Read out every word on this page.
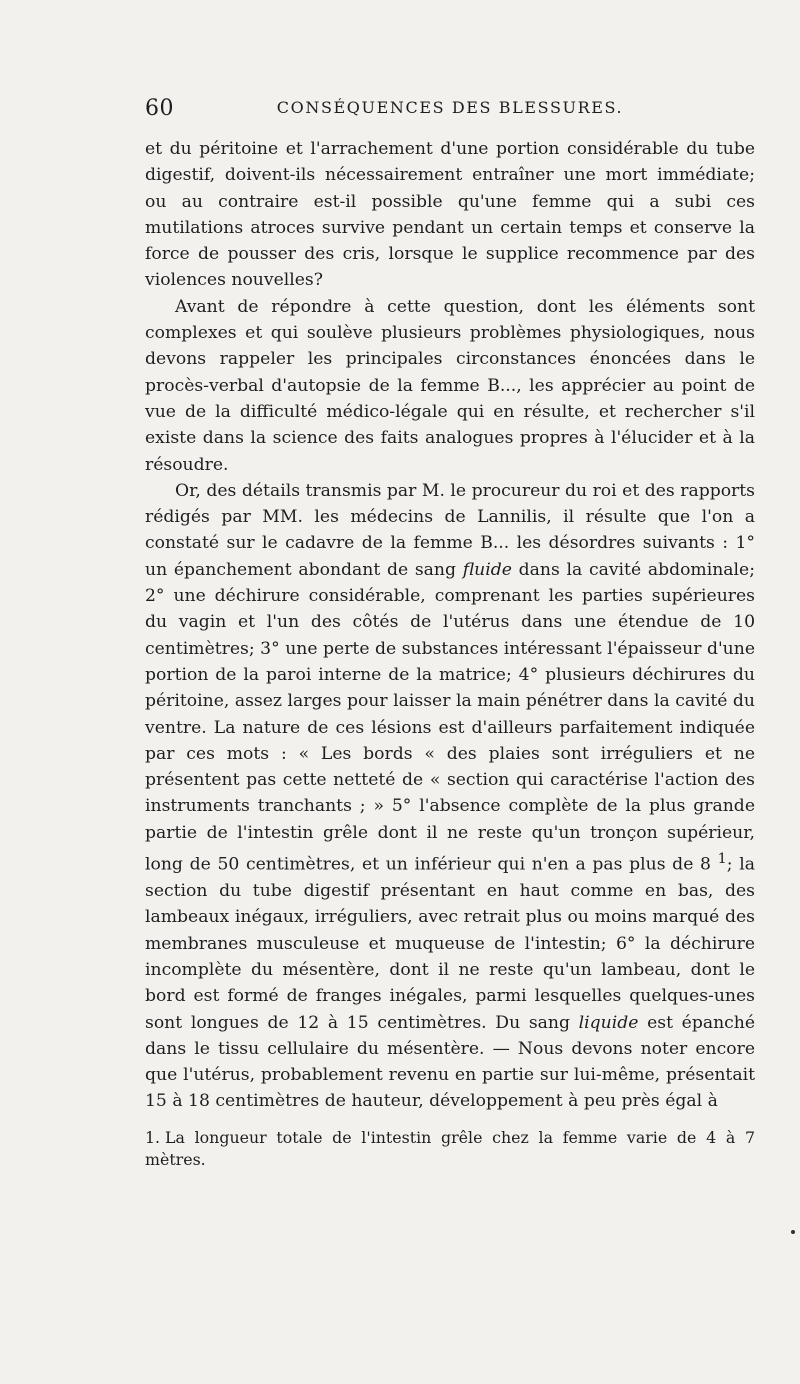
60	CONSÉQUENCES DES BLESSURES.

et du péritoine et l'arrachement d'une portion considérable du tube digestif, doivent-ils nécessairement entraîner une mort immédiate; ou au contraire est-il possible qu'une femme qui a subi ces mutilations atroces survive pendant un certain temps et conserve la force de pousser des cris, lorsque le supplice recommence par des violences nouvelles?

Avant de répondre à cette question, dont les éléments sont complexes et qui soulève plusieurs problèmes physiologiques, nous devons rappeler les principales circonstances énoncées dans le procès-verbal d'autopsie de la femme B..., les apprécier au point de vue de la difficulté médico-légale qui en résulte, et rechercher s'il existe dans la science des faits analogues propres à l'élucider et à la résoudre.

Or, des détails transmis par M. le procureur du roi et des rapports rédigés par MM. les médecins de Lannilis, il résulte que l'on a constaté sur le cadavre de la femme B... les désordres suivants : 1° un épanchement abondant de sang fluide dans la cavité abdominale; 2° une déchirure considérable, comprenant les parties supérieures du vagin et l'un des côtés de l'utérus dans une étendue de 10 centimètres; 3° une perte de substances intéressant l'épaisseur d'une portion de la paroi interne de la matrice; 4° plusieurs déchirures du péritoine, assez larges pour laisser la main pénétrer dans la cavité du ventre. La nature de ces lésions est d'ailleurs parfaitement indiquée par ces mots : « Les bords « des plaies sont irréguliers et ne présentent pas cette netteté de « section qui caractérise l'action des instruments tranchants ; » 5° l'absence complète de la plus grande partie de l'intestin grêle dont il ne reste qu'un tronçon supérieur, long de 50 centimètres, et un inférieur qui n'en a pas plus de 8 $^1$; la section du tube digestif présentant en haut comme en bas, des lambeaux inégaux, irréguliers, avec retrait plus ou moins marqué des membranes musculeuse et muqueuse de l'intestin; 6° la déchirure incomplète du mésentère, dont il ne reste qu'un lambeau, dont le bord est formé de franges inégales, parmi lesquelles quelques-unes sont longues de 12 à 15 centimètres. Du sang liquide est épanché dans le tissu cellulaire du mésentère. — Nous devons noter encore que l'utérus, probablement revenu en partie sur lui-même, présentait 15 à 18 centimètres de hauteur, développement à peu près égal à

1. La longueur totale de l'intestin grêle chez la femme varie de 4 à 7 mètres.
